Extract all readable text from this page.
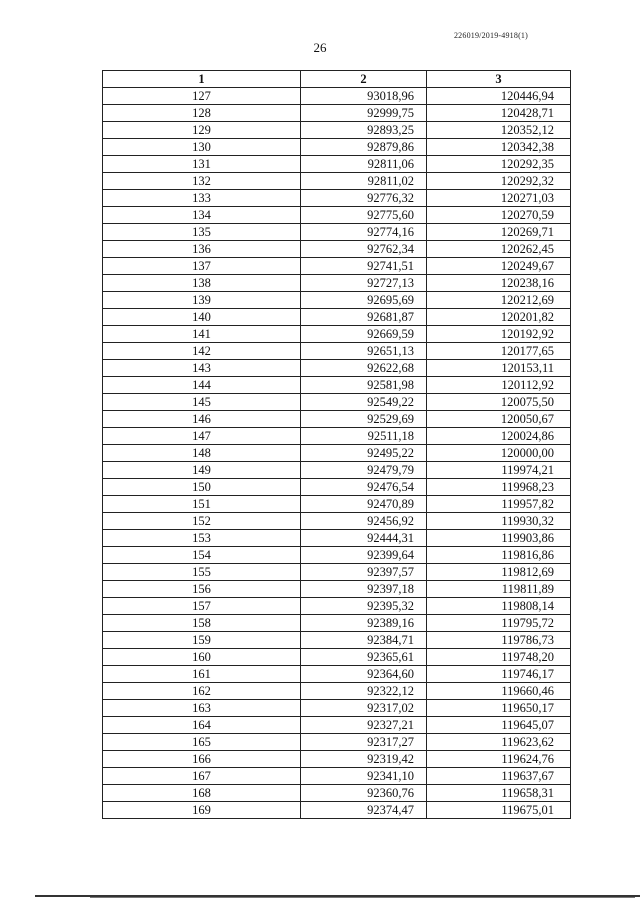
226019/2019-4918(1)
26
1	2	3
127	93018,96	120446,94
128	92999,75	120428,71
129	92893,25	120352,12
130	92879,86	120342,38
131	92811,06	120292,35
132	92811,02	120292,32
133	92776,32	120271,03
134	92775,60	120270,59
135	92774,16	120269,71
136	92762,34	120262,45
137	92741,51	120249,67
138	92727,13	120238,16
139	92695,69	120212,69
140	92681,87	120201,82
141	92669,59	120192,92
142	92651,13	120177,65
143	92622,68	120153,11
144	92581,98	120112,92
145	92549,22	120075,50
146	92529,69	120050,67
147	92511,18	120024,86
148	92495,22	120000,00
149	92479,79	119974,21
150	92476,54	119968,23
151	92470,89	119957,82
152	92456,92	119930,32
153	92444,31	119903,86
154	92399,64	119816,86
155	92397,57	119812,69
156	92397,18	119811,89
157	92395,32	119808,14
158	92389,16	119795,72
159	92384,71	119786,73
160	92365,61	119748,20
161	92364,60	119746,17
162	92322,12	119660,46
163	92317,02	119650,17
164	92327,21	119645,07
165	92317,27	119623,62
166	92319,42	119624,76
167	92341,10	119637,67
168	92360,76	119658,31
169	92374,47	119675,01
